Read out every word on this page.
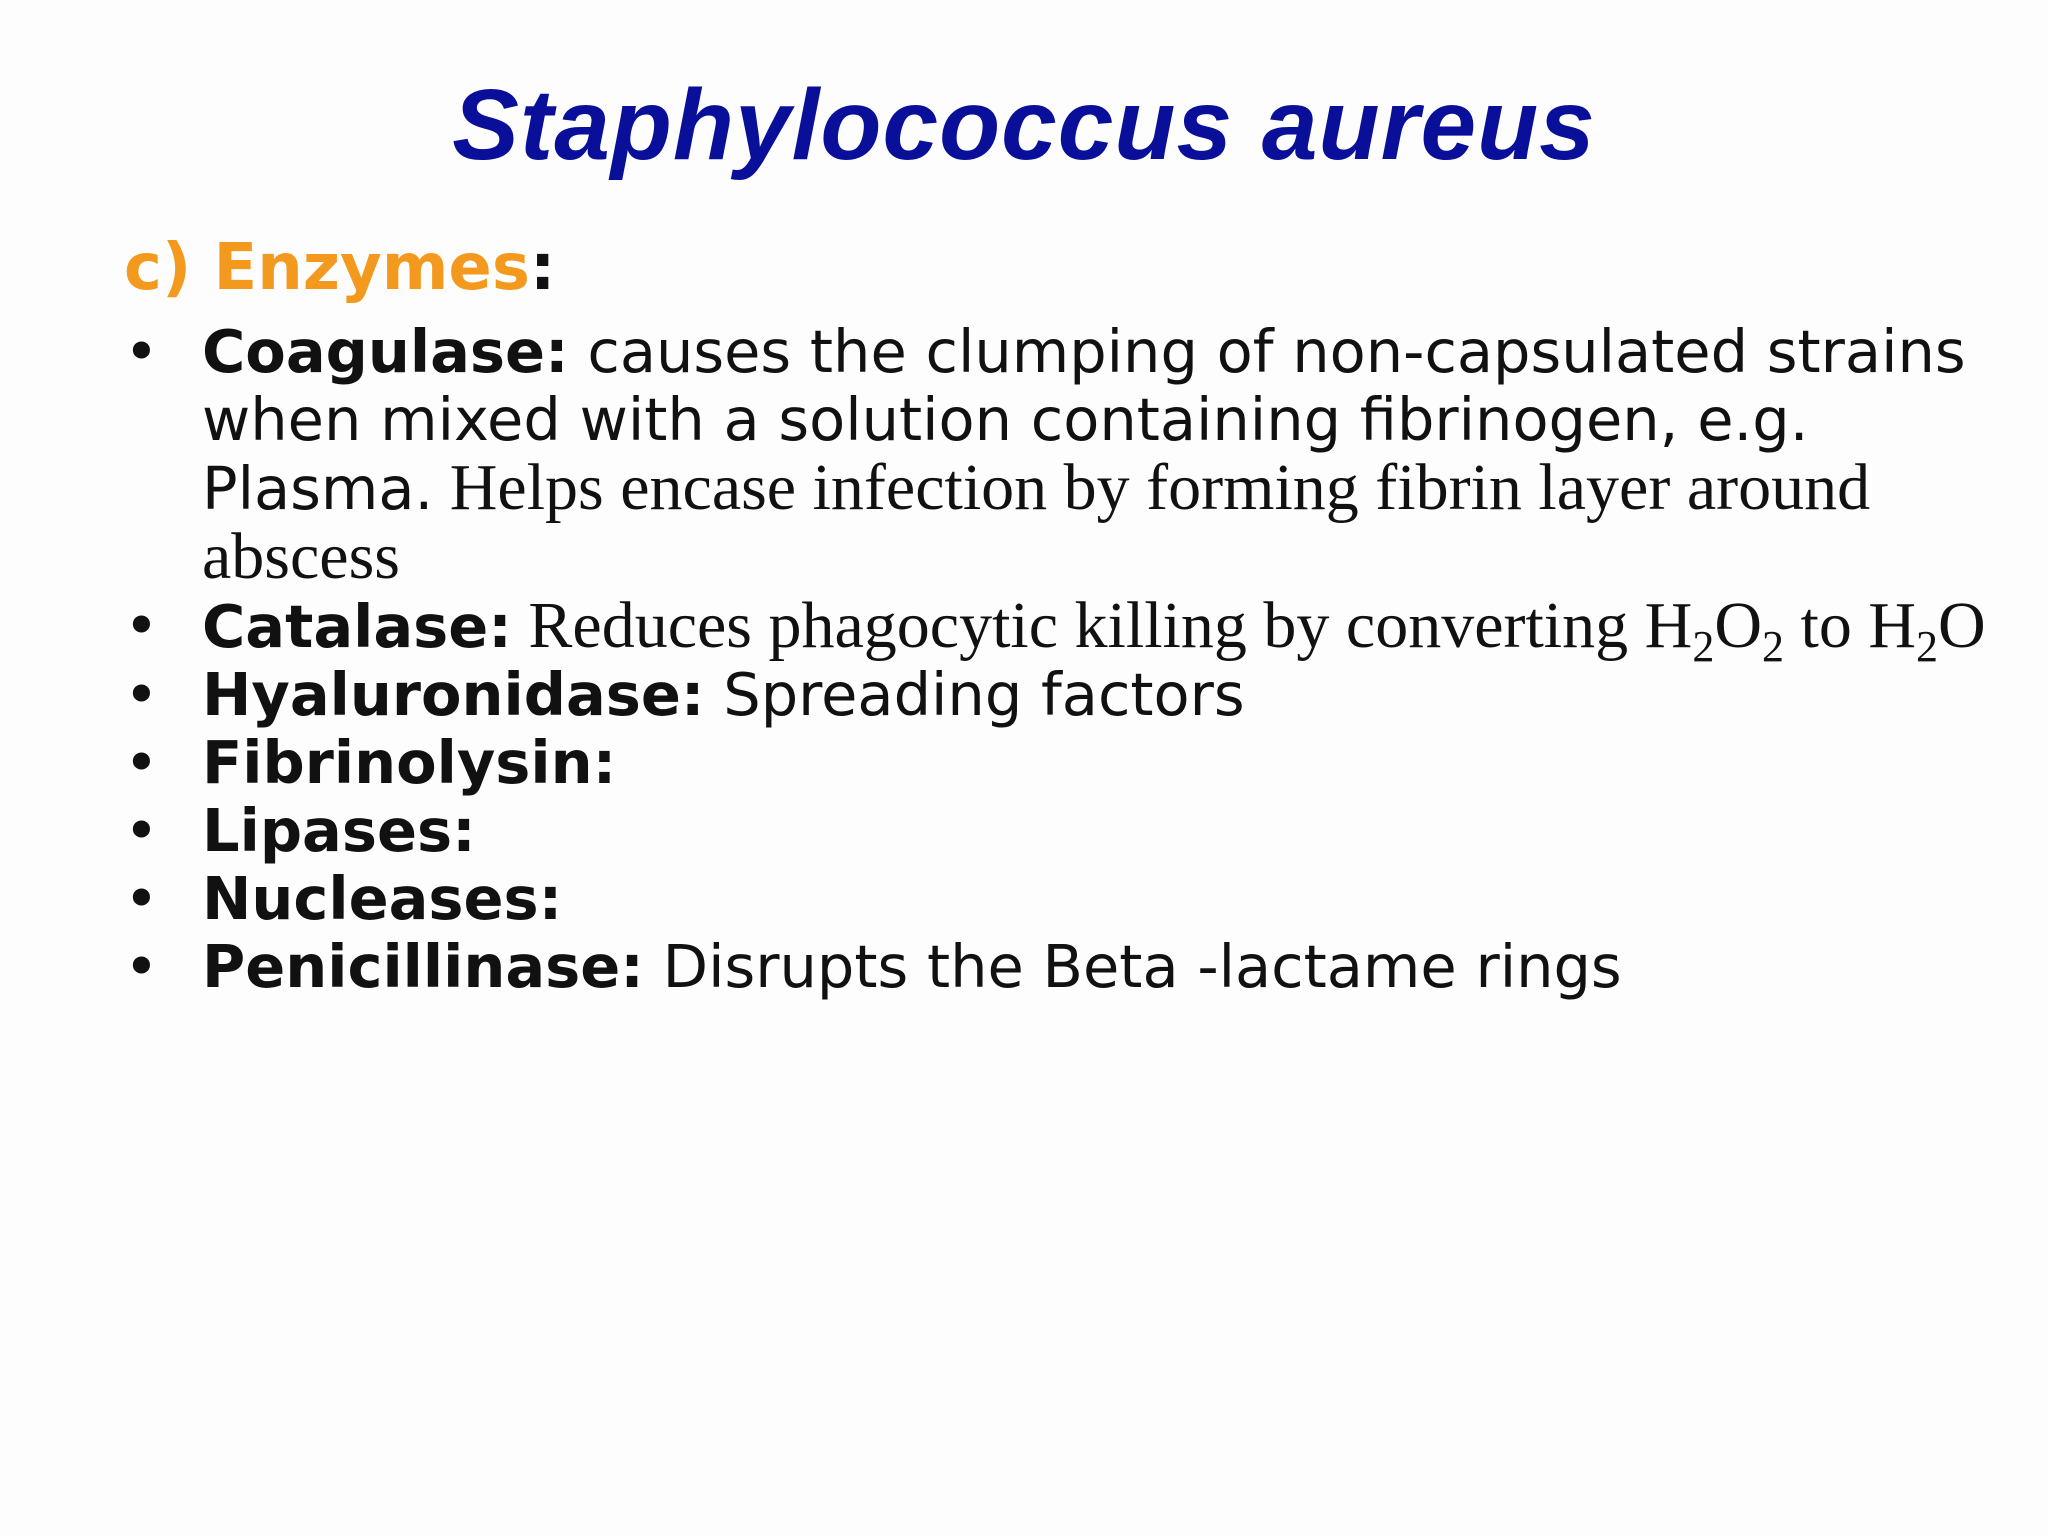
Staphylococcus aureus
c) Enzymes:
• Coagulase: causes the clumping of non-capsulated strains when mixed with a solution containing fibrinogen, e.g. Plasma. Helps encase infection by forming fibrin layer around abscess
• Catalase: Reduces phagocytic killing by converting $H_2O_2$ to $H_2O$
• Hyaluronidase: Spreading factors
• Fibrinolysin:
• Lipases:
• Nucleases:
• Penicillinase: Disrupts the Beta -lactame rings
